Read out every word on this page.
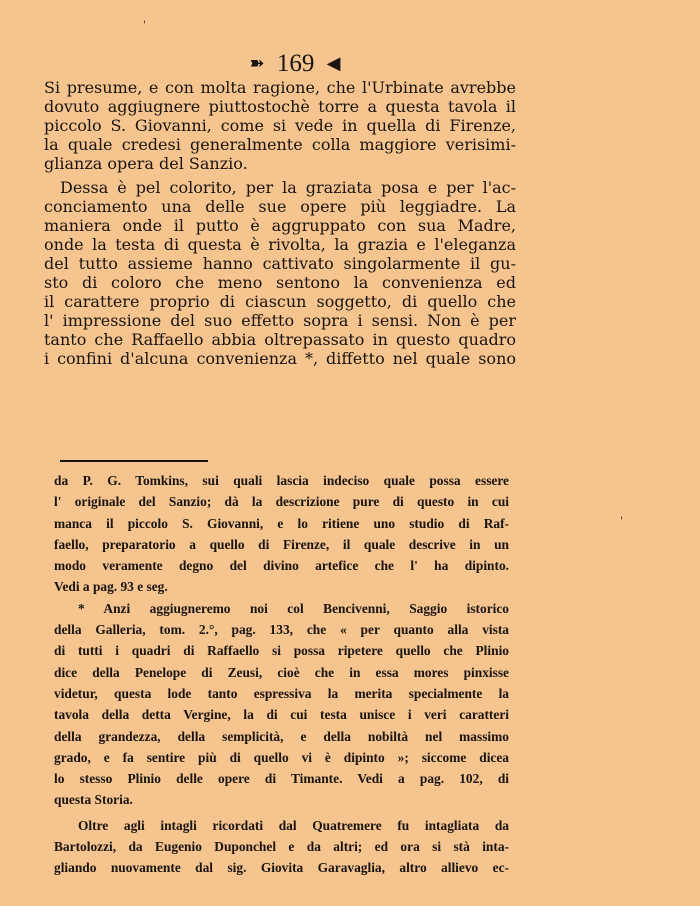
➽ 169 ◀
Si presume, e con molta ragione, che l'Urbinate avrebbe
dovuto aggiugnere piuttostochè torre a questa tavola il
piccolo S. Giovanni, come si vede in quella di Firenze,
la quale credesi generalmente colla maggiore verisimi-
glianza opera del Sanzio.
Dessa è pel colorito, per la graziata posa e per l'ac-
conciamento una delle sue opere più leggiadre. La
maniera onde il putto è aggruppato con sua Madre,
onde la testa di questa è rivolta, la grazia e l'eleganza
del tutto assieme hanno cattivato singolarmente il gu-
sto di coloro che meno sentono la convenienza ed
il carattere propriо di ciascun soggetto, di quello che
l' impressione del suo effetto sopra i sensi. Non è per
tanto che Raffaello abbia oltrepassato in questo quadro
i confini d'alcuna convenienza *, diffetto nel quale sono
da P. G. Tomkins, sui quali lascia indeciso quale possa essere
l' originale del Sanzio; dà la descrizione pure di questo in cui
manca il piccolo S. Giovanni, e lo ritiene uno studio di Raf-
faello, preparatorio a quello di Firenze, il quale descrive in un
modo veramente degno del divino artefice che l' ha dipinto.
Vedi a pag. 93 e seg.
* Anzi aggiugneremo noi col Bencivenni, Saggio istorico
della Galleria, tom. 2.°, pag. 133, che « per quanto alla vista
di tutti i quadri di Raffaello si possa ripetere quello che Plinio
dice della Penelope di Zeusi, cioè che in essa mores pinxisse
videtur, questa lode tanto espressiva la merita specialmente la
tavola della detta Vergine, la di cui testa unisce i veri caratteri
della grandezza, della semplicità, e della nobiltà nel massimo
grado, e fa sentire più di quello vi è dipinto »; siccome dicea
lo stesso Plinio delle opere di Timante. Vedi a pag. 102, di
questa Storia.
Oltre agli intagli ricordati dal Quatremere fu intagliata da
Bartolozzi, da Eugenio Duponchel e da altri; ed ora si stà inta-
gliando nuovamente dal sig. Giovita Garavaglia, altro allievo ec-
'
'
